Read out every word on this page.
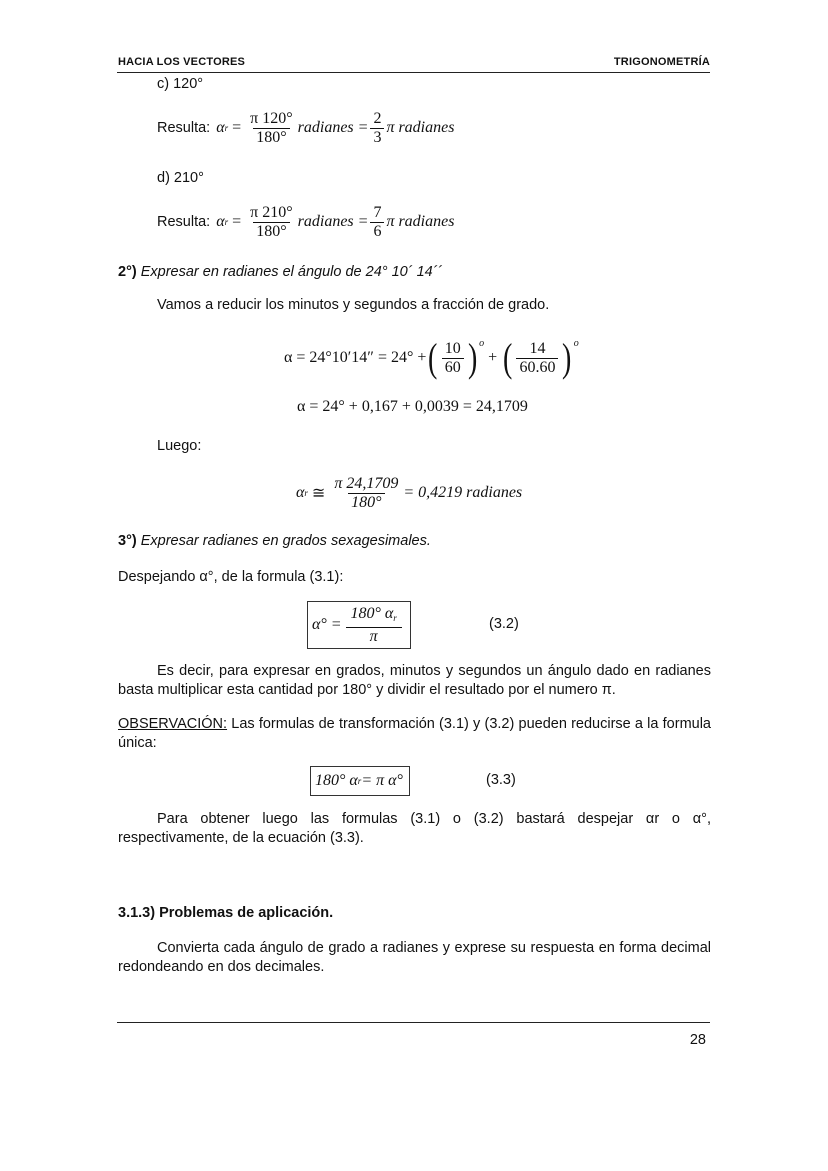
HACIA LOS VECTORES	TRIGONOMETRÍA
c) 120°
Resulta: α $r = \frac{\pi 120^\circ}{180^\circ}$ radianes = $\frac{2}{3}$ π radianes
d) 210°
Resulta: α $r = \frac{\pi 210^\circ}{180^\circ}$ radianes = $\frac{7}{6}$ π radianes
2°) Expresar en radianes el ángulo de 24° 10´ 14´´
Vamos a reducir los minutos y segundos a fracción de grado.
α = 24°10′14″ = 24° + ( $\frac{10}{60}$ ) o
+ ( $\frac{14}{60.60}$ ) o
α = 24° + 0,167 + 0,0039 = 24,1709
Luego:
α r ≅ $\frac{\pi 24,1709}{180^\circ} = 0,4219$ radianes
3°) Expresar radianes en grados sexagesimales.
Despejando α°, de la formula (3.1):
$\alpha^\circ = \frac{180^\circ \alpha_r}{\pi}$	(3.2)
Es decir, para expresar en grados, minutos y segundos un ángulo dado en radianes basta multiplicar esta cantidad por 180° y dividir el resultado por el numero π.
OBSERVACIÓN: Las formulas de transformación (3.1) y (3.2) pueden reducirse a la formula única:
180° α r = π α°	(3.3)
Para obtener luego las formulas (3.1) o (3.2) bastará despejar αr o α°, respectivamente, de la ecuación (3.3).
3.1.3) Problemas de aplicación.
Convierta cada ángulo de grado a radianes y exprese su respuesta en forma decimal redondeando en dos decimales.
28
